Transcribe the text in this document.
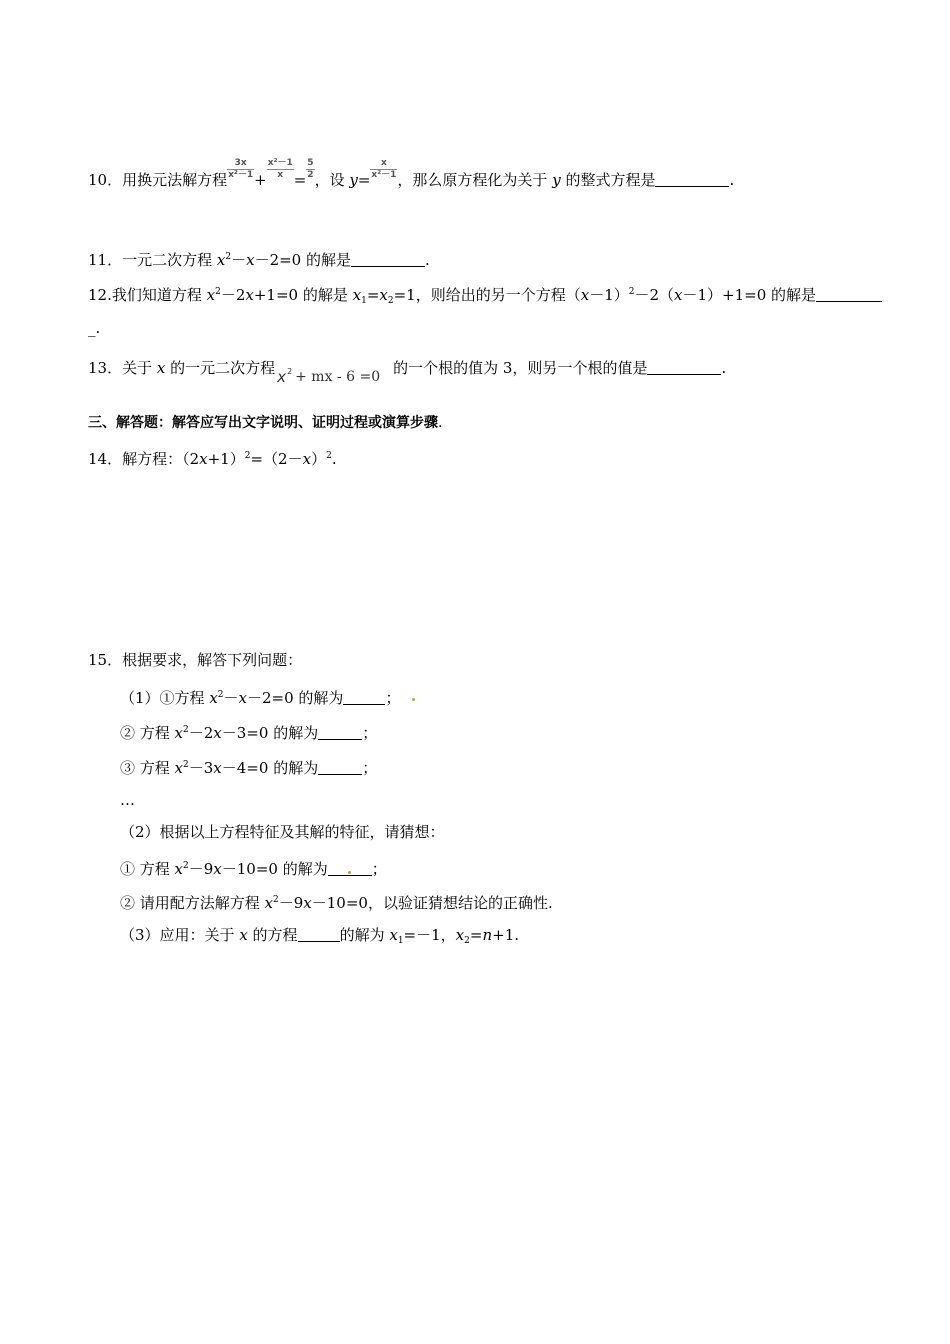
10．用换元法解方程 $\frac{3x}{\text{x²－1}} + \frac{\text{x²－1}}{x} = \frac{5}{2}$ ，设 $y= \frac{x}{\text{x²－1}}$ ，那么原方程化为关于 y 的整式方程是	.
11．一元二次方程 $x^2-x-2=0$ 的解是	.
12.我们知道方程 $x^2-2x+1=0$ 的解是 $x_1=x_2=1$，则给出的另一个方程$(x-1)^2-2(x-1)+1=0$ 的解是
_.
13．关于 x 的一元二次方程 x 2 + mx - 6 =0 的一个根的值为 3，则另一个根的值是	.
三、解答题：解答应写出文字说明、证明过程或演算步骤.
14．解方程：$(2x+1)^2=(2-x)^2$.
15．根据要求，解答下列问题：
（1）①方程 $x^2-x-2=0$ 的解为	；
② 方程 $x^2-2x-3=0$ 的解为	；
③ 方程 $x^2-3x-4=0$ 的解为	；
…
（2）根据以上方程特征及其解的特征，请猜想：
① 方程 $x^2-9x-10=0$ 的解为	；
② 请用配方法解方程 $x^2-9x-10=0$，以验证猜想结论的正确性.
（3）应用：关于 x 的方程	的解为 $x_1=-1$，$x_2=n+1$.
